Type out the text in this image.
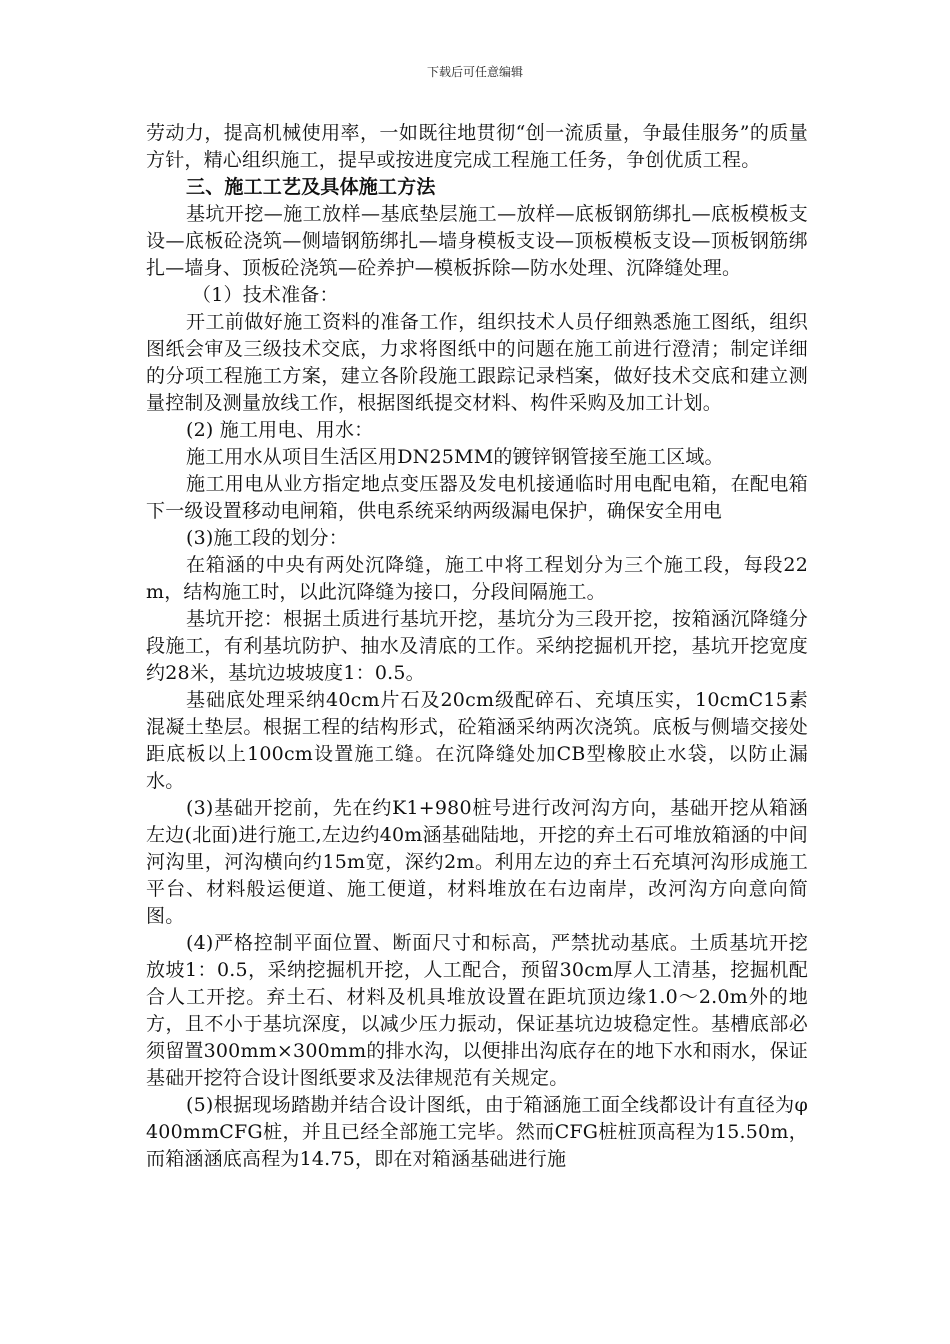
下载后可任意编辑

劳动力，提高机械使用率，一如既往地贯彻“创一流质量，争最佳服务”的质量方针，精心组织施工，提早或按进度完成工程施工任务，争创优质工程。

三、施工工艺及具体施工方法

基坑开挖—施工放样—基底垫层施工—放样—底板钢筋绑扎—底板模板支设—底板砼浇筑—侧墙钢筋绑扎—墙身模板支设—顶板模板支设—顶板钢筋绑扎—墙身、顶板砼浇筑—砼养护—模板拆除—防水处理、沉降缝处理。

（1）技术准备：

开工前做好施工资料的准备工作，组织技术人员仔细熟悉施工图纸，组织图纸会审及三级技术交底，力求将图纸中的问题在施工前进行澄清；制定详细的分项工程施工方案，建立各阶段施工跟踪记录档案，做好技术交底和建立测量控制及测量放线工作，根据图纸提交材料、构件采购及加工计划。

(2) 施工用电、用水：

施工用水从项目生活区用DN25MM的镀锌钢管接至施工区域。

施工用电从业方指定地点变压器及发电机接通临时用电配电箱，在配电箱下一级设置移动电闸箱，供电系统采纳两级漏电保护，确保安全用电

(3)施工段的划分：

在箱涵的中央有两处沉降缝，施工中将工程划分为三个施工段，每段22m，结构施工时，以此沉降缝为接口，分段间隔施工。

基坑开挖：根据土质进行基坑开挖，基坑分为三段开挖，按箱涵沉降缝分段施工，有利基坑防护、抽水及清底的工作。采纳挖掘机开挖，基坑开挖宽度约28米，基坑边坡坡度1：0.5。

基础底处理采纳40cm片石及20cm级配碎石、充填压实，10cmC15素混凝土垫层。根据工程的结构形式，砼箱涵采纳两次浇筑。底板与侧墙交接处距底板以上100cm设置施工缝。在沉降缝处加CB型橡胶止水袋，以防止漏水。

(3)基础开挖前，先在约K1+980桩号进行改河沟方向，基础开挖从箱涵左边(北面)进行施工,左边约40m涵基础陆地，开挖的弃土石可堆放箱涵的中间河沟里，河沟横向约15m宽，深约2m。利用左边的弃土石充填河沟形成施工平台、材料般运便道、施工便道，材料堆放在右边南岸，改河沟方向意向简图。

(4)严格控制平面位置、断面尺寸和标高，严禁扰动基底。土质基坑开挖放坡1：0.5，采纳挖掘机开挖，人工配合，预留30cm厚人工清基，挖掘机配合人工开挖。弃土石、材料及机具堆放设置在距坑顶边缘1.0～2.0m外的地方，且不小于基坑深度，以减少压力振动，保证基坑边坡稳定性。基槽底部必须留置300mm×300mm的排水沟，以便排出沟底存在的地下水和雨水，保证基础开挖符合设计图纸要求及法律规范有关规定。

(5)根据现场踏勘并结合设计图纸，由于箱涵施工面全线都设计有直径为φ400mmCFG桩，并且已经全部施工完毕。然而CFG桩桩顶高程为15.50m，而箱涵涵底高程为14.75，即在对箱涵基础进行施
